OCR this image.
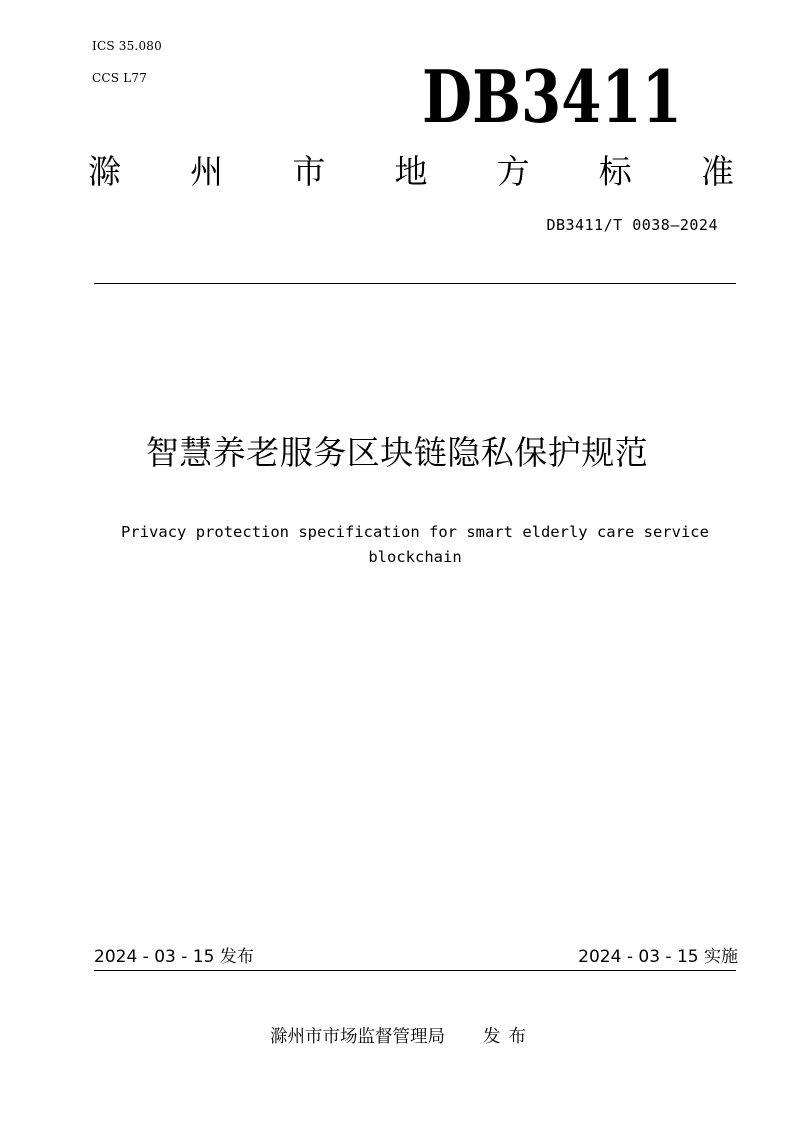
ICS 35.080
CCS L77	DB3411
滁 州 市 地 方 标 准
DB3411/T 0038—2024
智慧养老服务区块链隐私保护规范
Privacy protection specification for smart elderly care service blockchain
2024 - 03 - 15 发布	2024 - 03 - 15 实施
滁州市市场监督管理局 发布
